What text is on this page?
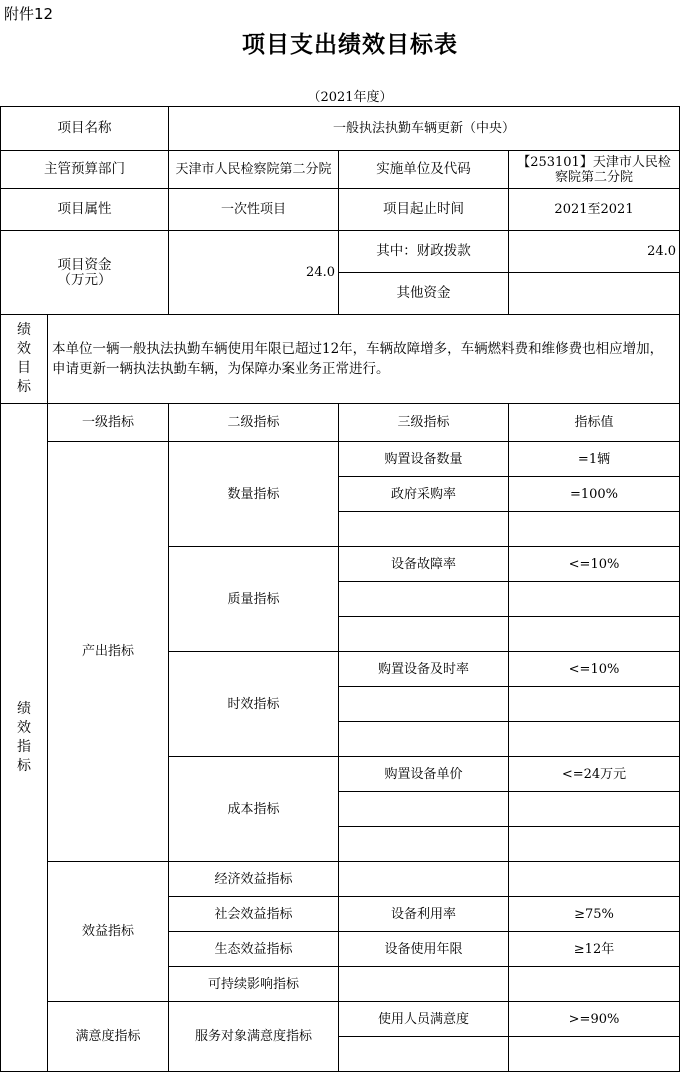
附件12
项目支出绩效目标表
（2021年度）
项目名称		一般执法执勤车辆更新（中央）		
主管预算部门		天津市人民检察院第二分院	实施单位及代码	【253101】天津市人民检察院第二分院
项目属性		一次性项目	项目起止时间	2021至2021

项目资金
（万元）		24.0	其中：财政拨款	24.0
			其他资金	

绩
效
目
标	本单位一辆一般执法执勤车辆使用年限已超过12年，车辆故障增多，车辆燃料费和维修费也相应增加，申请更新一辆执法执勤车辆，为保障办案业务正常进行。			

绩
效
指
标	一级指标	二级指标	三级指标	指标值
	产出指标	数量指标	购置设备数量	=1辆
			政府采购率	=100%

		质量指标	设备故障率	<=10%

		时效指标	购置设备及时率	<=10%

		成本指标	购置设备单价	<=24万元

	效益指标	经济效益指标		
		社会效益指标	设备利用率	≥75%
		生态效益指标	设备使用年限	≥12年
		可持续影响指标		
	满意度指标	服务对象满意度指标	使用人员满意度	>=90%
